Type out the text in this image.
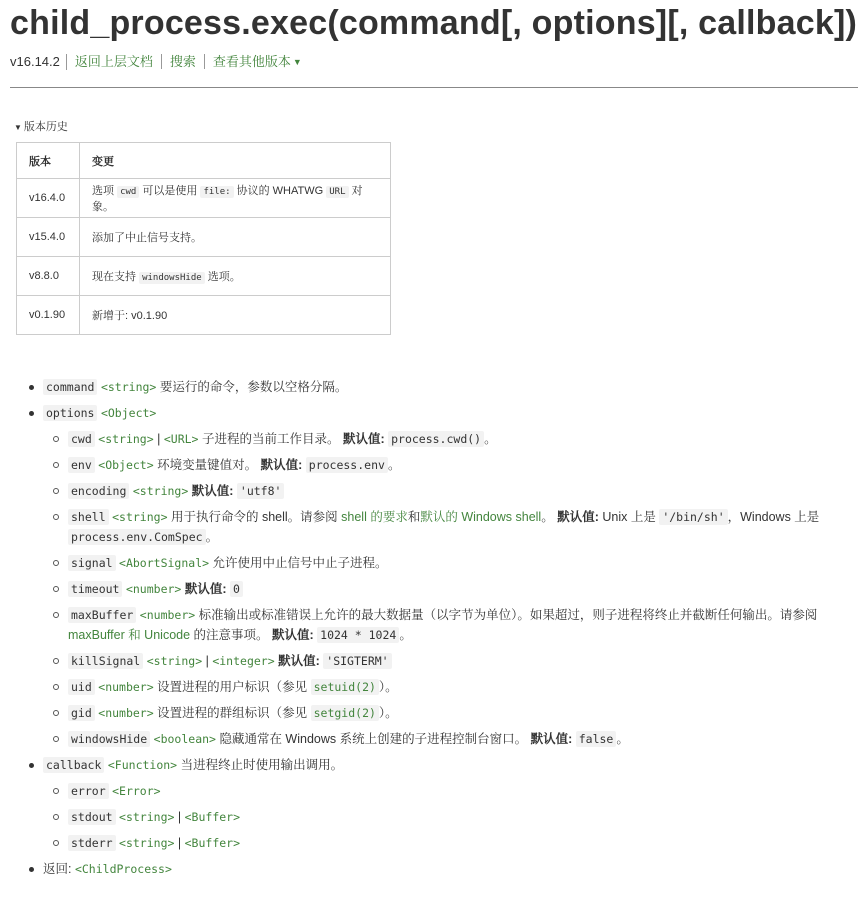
child_process.exec(command[, options][, callback])
v16.14.2 返回上层文档 搜索 查看其他版本 ▼
▼ 版本历史
版本	变更
v16.4.0	选项 cwd 可以是使用 file: 协议的 WHATWG URL 对象。
v15.4.0	添加了中止信号支持。
v8.8.0	现在支持 windowsHide 选项。
v0.1.90	新增于: v0.1.90
command <string> 要运行的命令，参数以空格分隔。
options <Object>
cwd <string> | <URL> 子进程的当前工作目录。 默认值: process.cwd() 。
env <Object> 环境变量键值对。 默认值: process.env 。
encoding <string> 默认值: 'utf8'
shell <string> 用于执行命令的 shell。请参阅 shell 的要求和默认的 Windows shell。 默认值: Unix 上是 '/bin/sh' ，Windows 上是 process.env.ComSpec 。
signal <AbortSignal> 允许使用中止信号中止子进程。
timeout <number> 默认值: 0
maxBuffer <number> 标准输出或标准错误上允许的最大数据量（以字节为单位）。如果超过，则子进程将终止并截断任何输出。请参阅 maxBuffer 和 Unicode 的注意事项。 默认值: 1024 * 1024 。
killSignal <string> | <integer> 默认值: 'SIGTERM'
uid <number> 设置进程的用户标识（参见 setuid(2) ）。
gid <number> 设置进程的群组标识（参见 setgid(2) ）。
windowsHide <boolean> 隐藏通常在 Windows 系统上创建的子进程控制台窗口。 默认值: false 。
callback <Function> 当进程终止时使用输出调用。
error <Error>
stdout <string> | <Buffer>
stderr <string> | <Buffer>
返回: <ChildProcess>
